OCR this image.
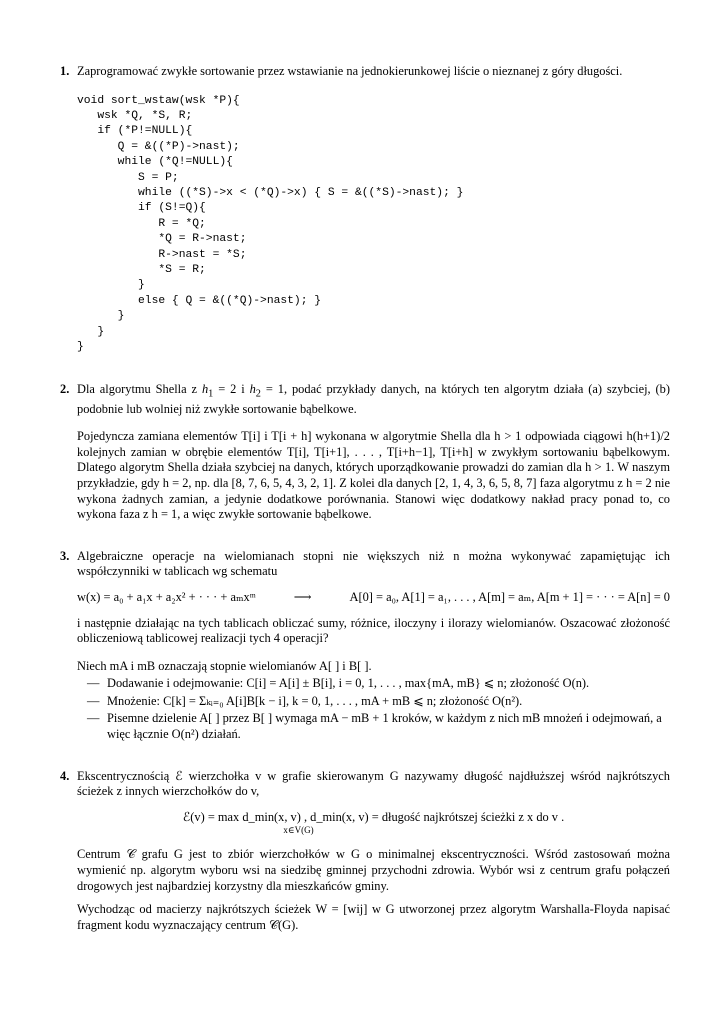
1. Zaprogramować zwykłe sortowanie przez wstawianie na jednokierunkowej liście o nieznanej z góry długości.

void sort_wstaw(wsk *P){
wsk *Q, *S, R;
if (*P!=NULL){
Q = &((*P)->nast);
while (*Q!=NULL){
S = P;
while ((*S)->x < (*Q)->x) { S = &((*S)->nast); }
if (S!=Q){
R = *Q;
*Q = R->nast;
R->nast = *S;
*S = R;
}
else { Q = &((*Q)->nast); }
}
}
}
2. Dla algorytmu Shella z $h_1 = 2$ i $h_2 = 1$, podać przykłady danych, na których ten algorytm działa (a) szybciej, (b) podobnie lub wolniej niż zwykłe sortowanie bąbelkowe.

Pojedyncza zamiana elementów T[i] i T[i + h] wykonana w algorytmie Shella dla h > 1 odpowiada ciągowi h(h+1)/2 kolejnych zamian w obrębie elementów T[i], T[i+1], . . . , T[i+h−1], T[i+h] w zwykłym sortowaniu bąbelkowym. Dlatego algorytm Shella działa szybciej na danych, których uporządkowanie prowadzi do zamian dla h > 1. W naszym przykładzie, gdy h = 2, np. dla [8, 7, 6, 5, 4, 3, 2, 1]. Z kolei dla danych [2, 1, 4, 3, 6, 5, 8, 7] faza algorytmu z h = 2 nie wykona żadnych zamian, a jedynie dodatkowe porównania. Stanowi więc dodatkowy nakład pracy ponad to, co wykona faza z h = 1, a więc zwykłe sortowanie bąbelkowe.

3. Algebraiczne operacje na wielomianach stopni nie większych niż n można wykonywać zapamiętując ich współczynniki w tablicach wg schematu

w(x) = a₀ + a₁x + a₂x² + · · · + aₘxᵐ	⟶	A[0] = a₀, A[1] = a₁, . . . , A[m] = aₘ, A[m + 1] = · · · = A[n] = 0

i następnie działając na tych tablicach obliczać sumy, różnice, iloczyny i ilorazy wielomianów. Oszacować złożoność obliczeniową tablicowej realizacji tych 4 operacji?

Niech mA i mB oznaczają stopnie wielomianów A[ ] i B[ ].

— Dodawanie i odejmowanie: C[i] = A[i] ± B[i], i = 0, 1, . . . , max{mA, mB} ⩽ n; złożoność O(n).
— Mnożenie: C[k] = Σₖᵢ₌₀ A[i]B[k − i], k = 0, 1, . . . , mA + mB ⩽ n; złożoność O(n²).
— Pisemne dzielenie A[ ] przez B[ ] wymaga mA − mB + 1 kroków, w każdym z nich mB mnożeń i odejmowań, a więc łącznie O(n²) działań.
4. Ekscentrycznością ℰ wierzchołka v w grafie skierowanym G nazywamy długość najdłuższej wśród najkrótszych ścieżek z innych wierzchołków do v,

ℰ(v) = max d_min(x, v) , d_min(x, v) = długość najkrótszej ścieżki z x do v .
x∈V(G)

Centrum 𝒞 grafu G jest to zbiór wierzchołków w G o minimalnej ekscentryczności. Wśród zastosowań można wymienić np. algorytm wyboru wsi na siedzibę gminnej przychodni zdrowia. Wybór wsi z centrum grafu połączeń drogowych jest najbardziej korzystny dla mieszkańców gminy.

Wychodząc od macierzy najkrótszych ścieżek W = [wij] w G utworzonej przez algorytm Warshalla-Floyda napisać fragment kodu wyznaczający centrum 𝒞(G).
